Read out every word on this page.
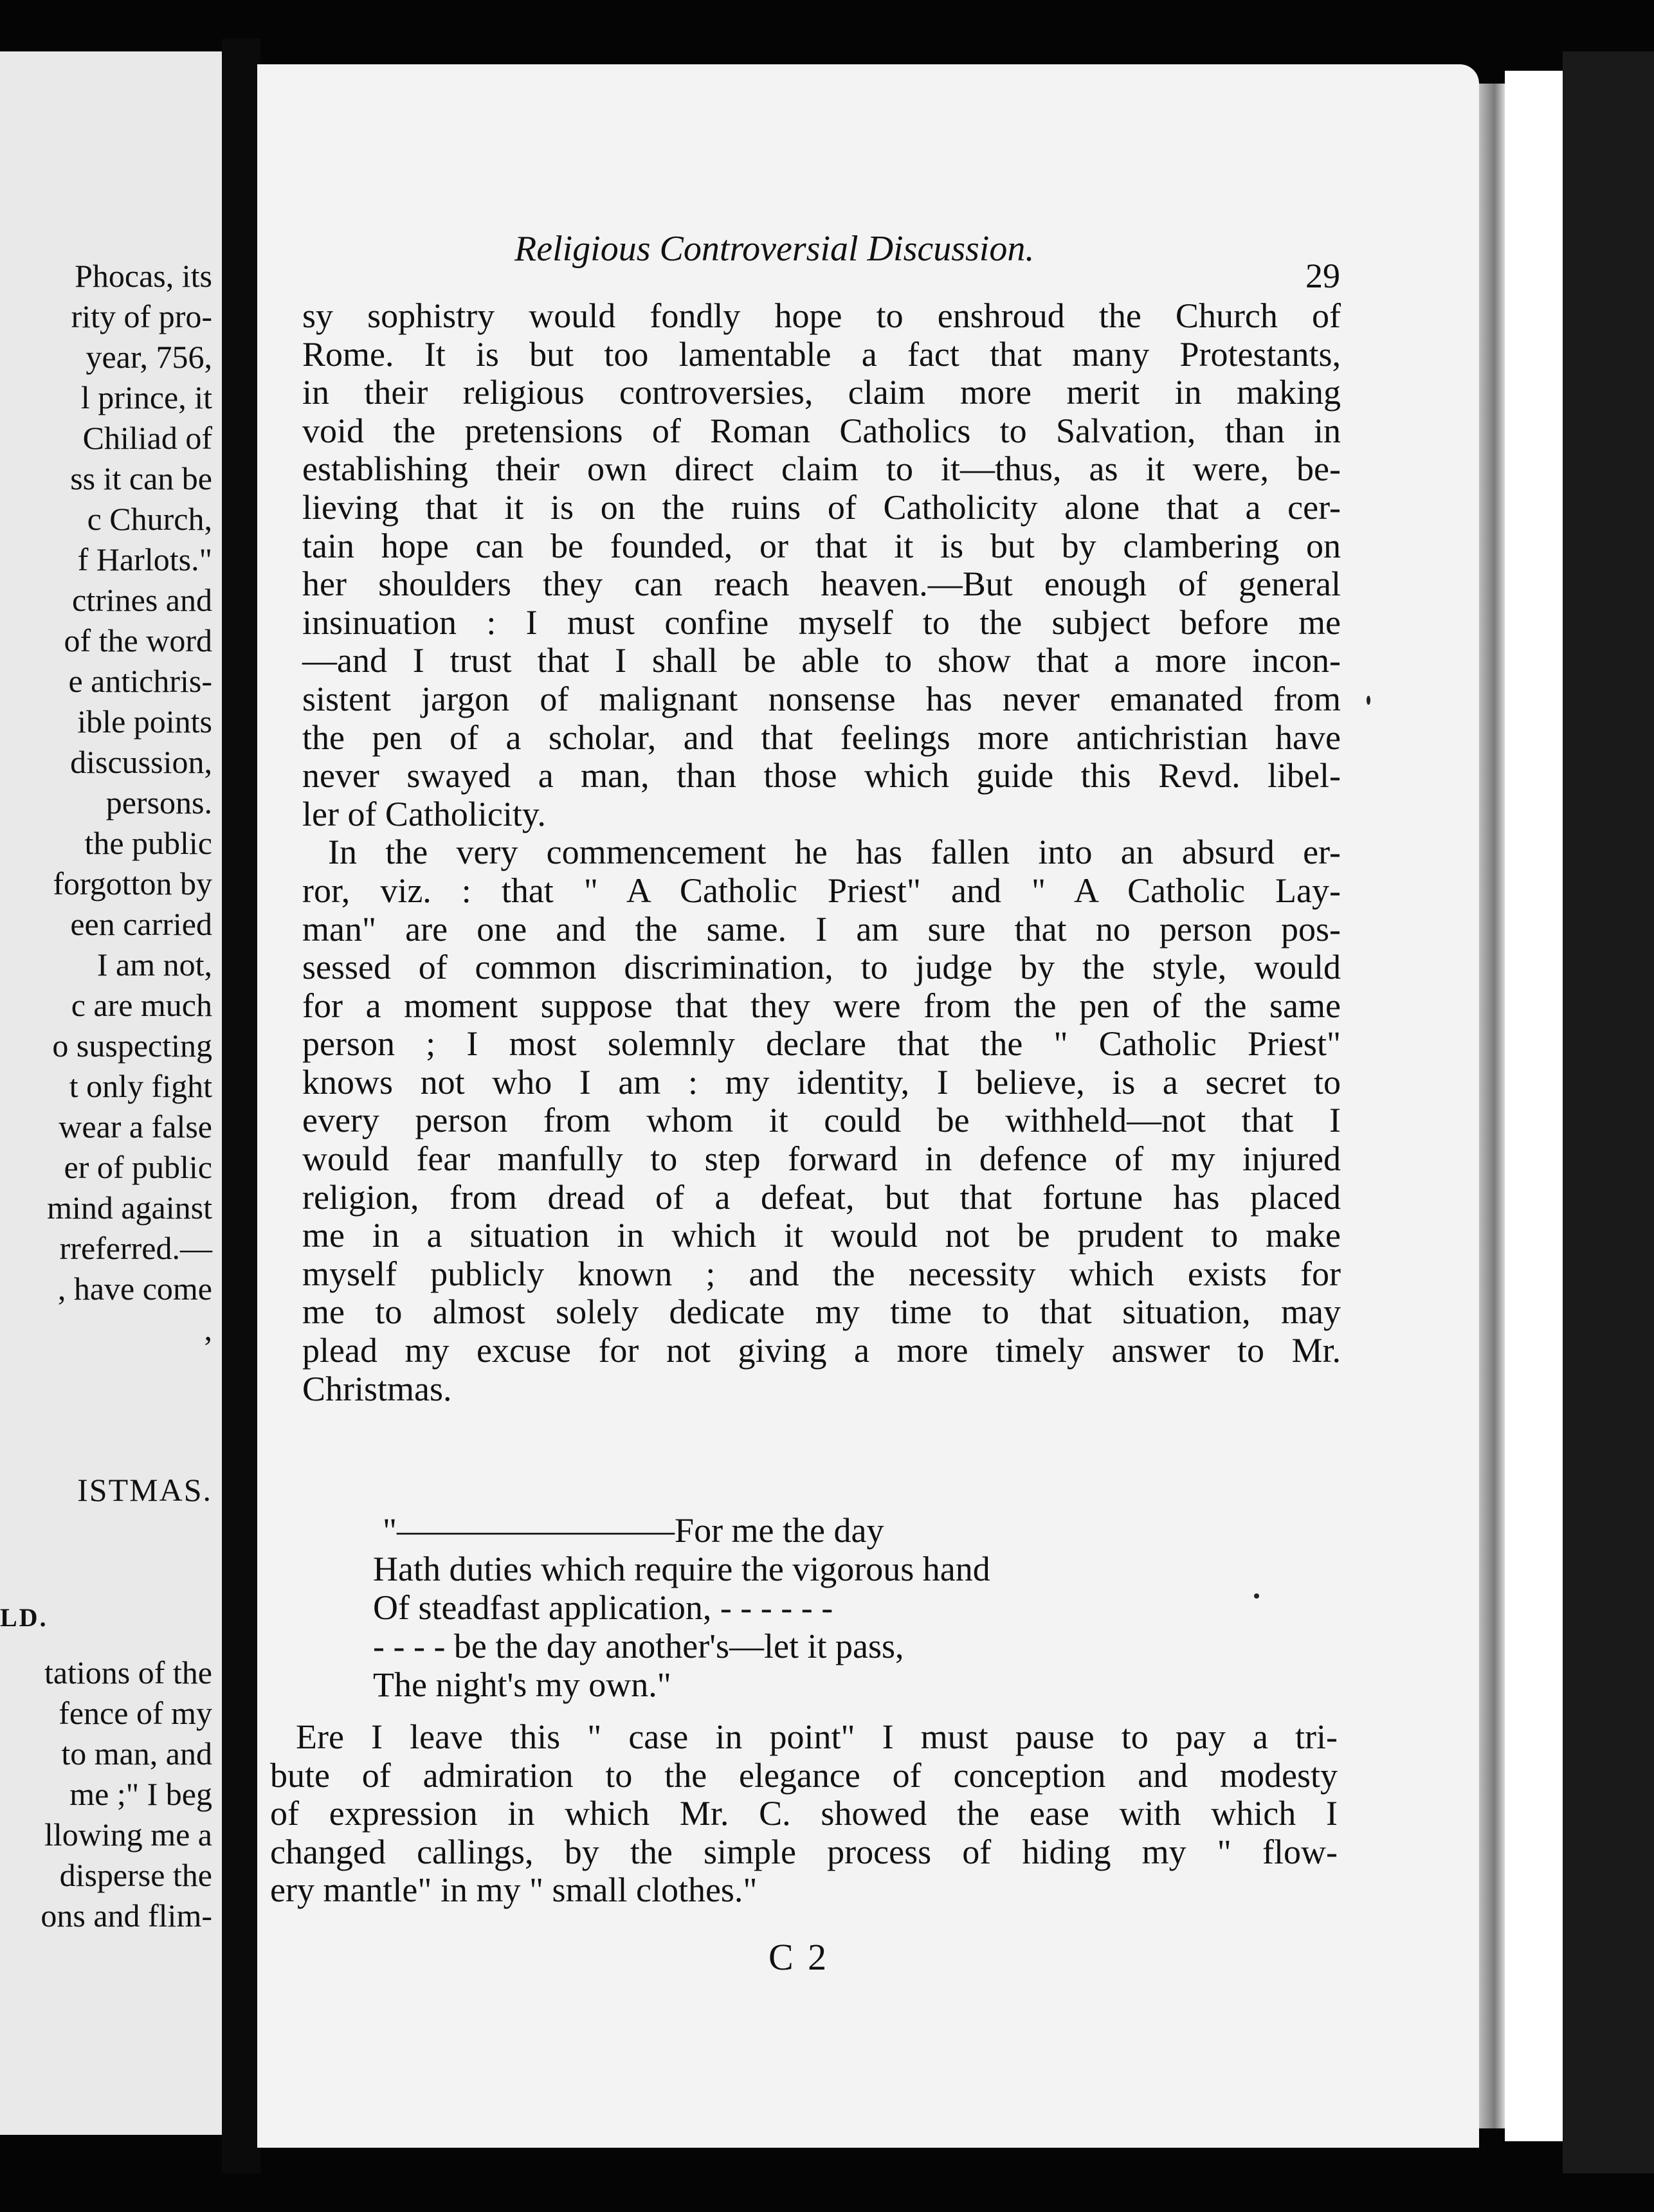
Phocas, its
rity of pro-
year, 756,
l prince, it
Chiliad of
ss it can be
c Church,
f Harlots."
ctrines and
of the word
e antichris-
ible points
discussion,
persons.
the public
forgotton by
een carried
I am not,
c are much
o suspecting
t only fight
wear a false
er of public
mind against
rreferred.—
, have come
,
ISTMAS.
LD.
tations of the
fence of my
to man, and
me ;" I beg
llowing me a
disperse the
ons and flim-
Religious Controversial Discussion.
29
sy sophistry would fondly hope to enshroud the Church of
Rome. It is but too lamentable a fact that many Protestants,
in their religious controversies, claim more merit in making
void the pretensions of Roman Catholics to Salvation, than in
establishing their own direct claim to it—thus, as it were, be-
lieving that it is on the ruins of Catholicity alone that a cer-
tain hope can be founded, or that it is but by clambering on
her shoulders they can reach heaven.—But enough of general
insinuation : I must confine myself to the subject before me
—and I trust that I shall be able to show that a more incon-
sistent jargon of malignant nonsense has never emanated from
the pen of a scholar, and that feelings more antichristian have
never swayed a man, than those which guide this Revd. libel-
ler of Catholicity.
In the very commencement he has fallen into an absurd er-
ror, viz. : that " A Catholic Priest" and " A Catholic Lay-
man" are one and the same. I am sure that no person pos-
sessed of common discrimination, to judge by the style, would
for a moment suppose that they were from the pen of the same
person ; I most solemnly declare that the " Catholic Priest"
knows not who I am : my identity, I believe, is a secret to
every person from whom it could be withheld—not that I
would fear manfully to step forward in defence of my injured
religion, from dread of a defeat, but that fortune has placed
me in a situation in which it would not be prudent to make
myself publicly known ; and the necessity which exists for
me to almost solely dedicate my time to that situation, may
plead my excuse for not giving a more timely answer to Mr.
Christmas.
"————————For me the day
Hath duties which require the vigorous hand
Of steadfast application, - - - - - -
- - - - be the day another's—let it pass,
The night's my own."
Ere I leave this " case in point" I must pause to pay a tri-
bute of admiration to the elegance of conception and modesty
of expression in which Mr. C. showed the ease with which I
changed callings, by the simple process of hiding my " flow-
ery mantle" in my " small clothes."
C 2
